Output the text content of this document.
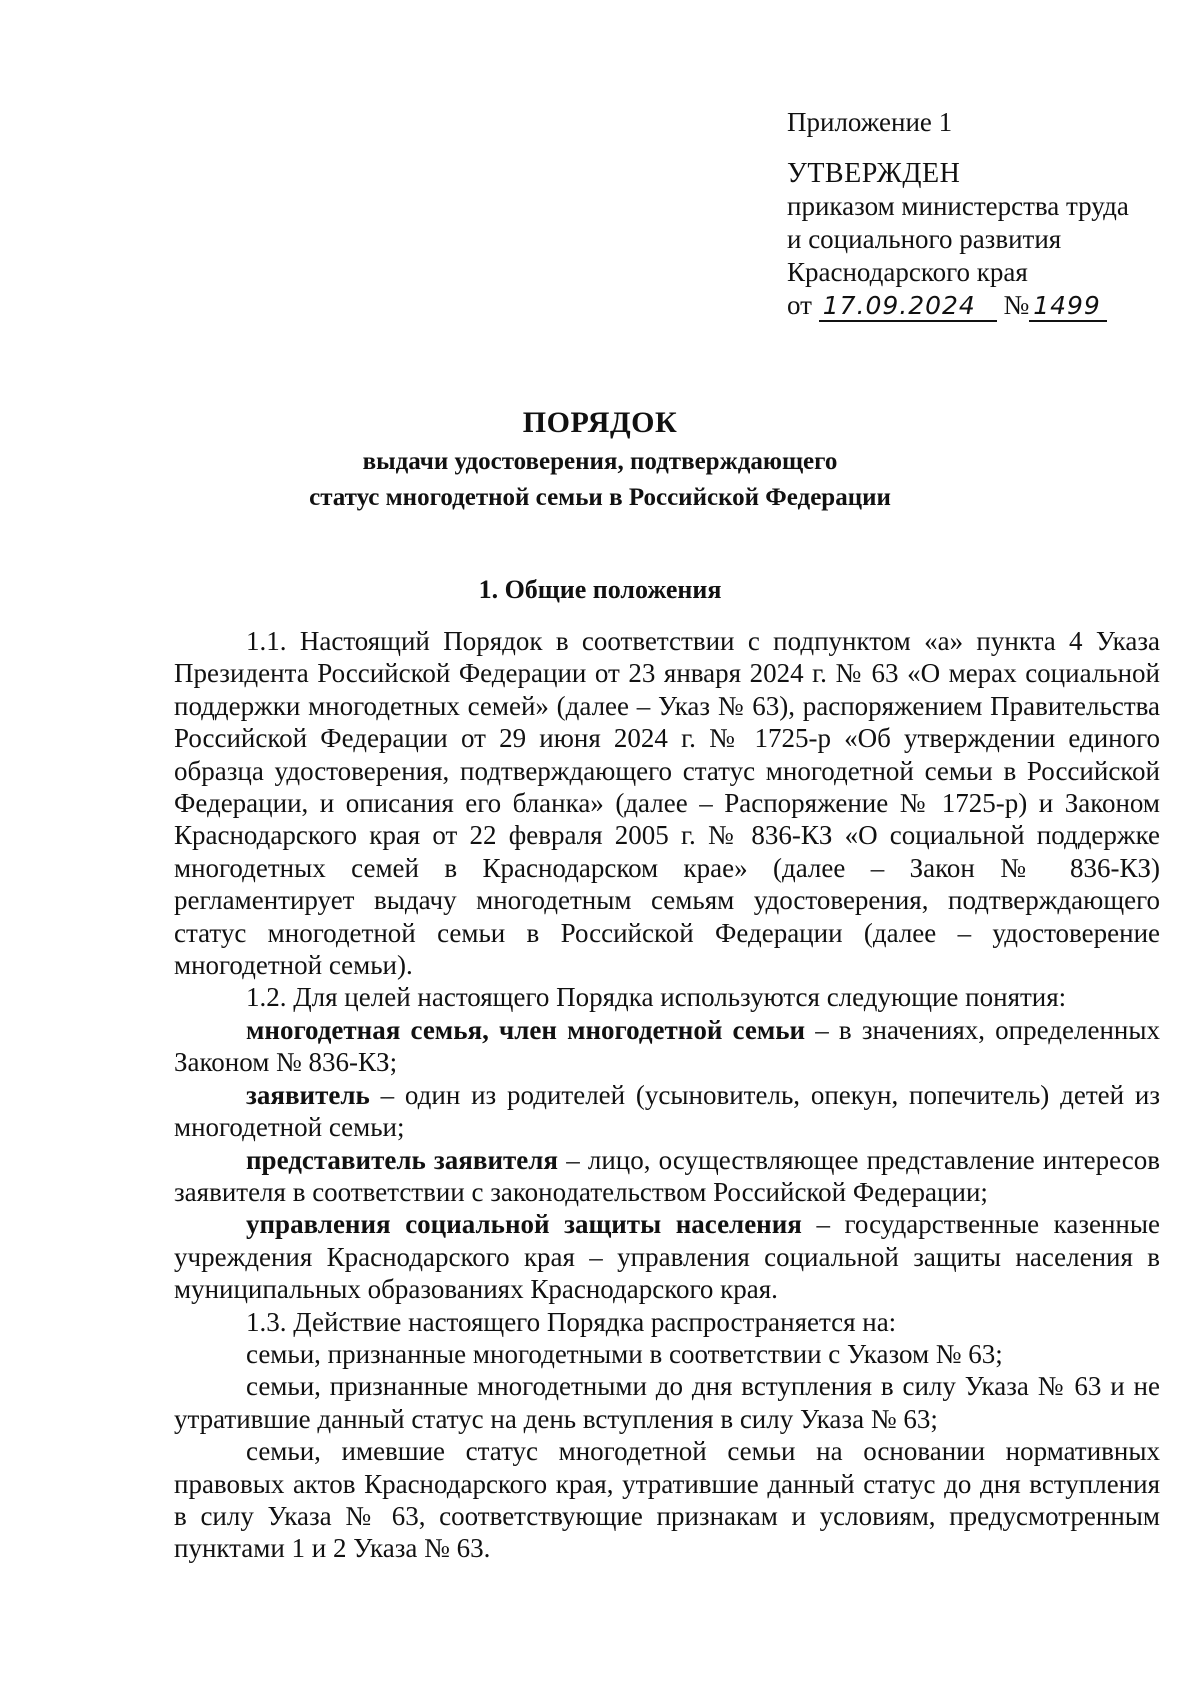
Приложение 1
УТВЕРЖДЕН
приказом министерства труда
и социального развития
Краснодарского края
от 17.09.2024 № 1499
ПОРЯДОК
выдачи удостоверения, подтверждающего
статус многодетной семьи в Российской Федерации
1. Общие положения

1.1. Настоящий Порядок в соответствии с подпунктом «а» пункта 4 Указа Президента Российской Федерации от 23 января 2024 г. № 63 «О мерах социальной поддержки многодетных семей» (далее – Указ № 63), распоряжением Правительства Российской Федерации от 29 июня 2024 г. № 1725-р «Об утверждении единого образца удостоверения, подтверждающего статус многодетной семьи в Российской Федерации, и описания его бланка» (далее – Распоряжение № 1725-р) и Законом Краснодарского края от 22 февраля 2005 г. № 836-КЗ «О социальной поддержке многодетных семей в Краснодарском крае» (далее – Закон № 836-КЗ) регламентирует выдачу многодетным семьям удостоверения, подтверждающего статус многодетной семьи в Российской Федерации (далее – удостоверение многодетной семьи).

1.2. Для целей настоящего Порядка используются следующие понятия:

многодетная семья, член многодетной семьи – в значениях, определенных Законом № 836-КЗ;

заявитель – один из родителей (усыновитель, опекун, попечитель) детей из многодетной семьи;

представитель заявителя – лицо, осуществляющее представление интересов заявителя в соответствии с законодательством Российской Федерации;

управления социальной защиты населения – государственные казенные учреждения Краснодарского края – управления социальной защиты населения в муниципальных образованиях Краснодарского края.

1.3. Действие настоящего Порядка распространяется на:

семьи, признанные многодетными в соответствии с Указом № 63;

семьи, признанные многодетными до дня вступления в силу Указа № 63 и не утратившие данный статус на день вступления в силу Указа № 63;

семьи, имевшие статус многодетной семьи на основании нормативных правовых актов Краснодарского края, утратившие данный статус до дня вступления в силу Указа № 63, соответствующие признакам и условиям, предусмотренным пунктами 1 и 2 Указа № 63.
